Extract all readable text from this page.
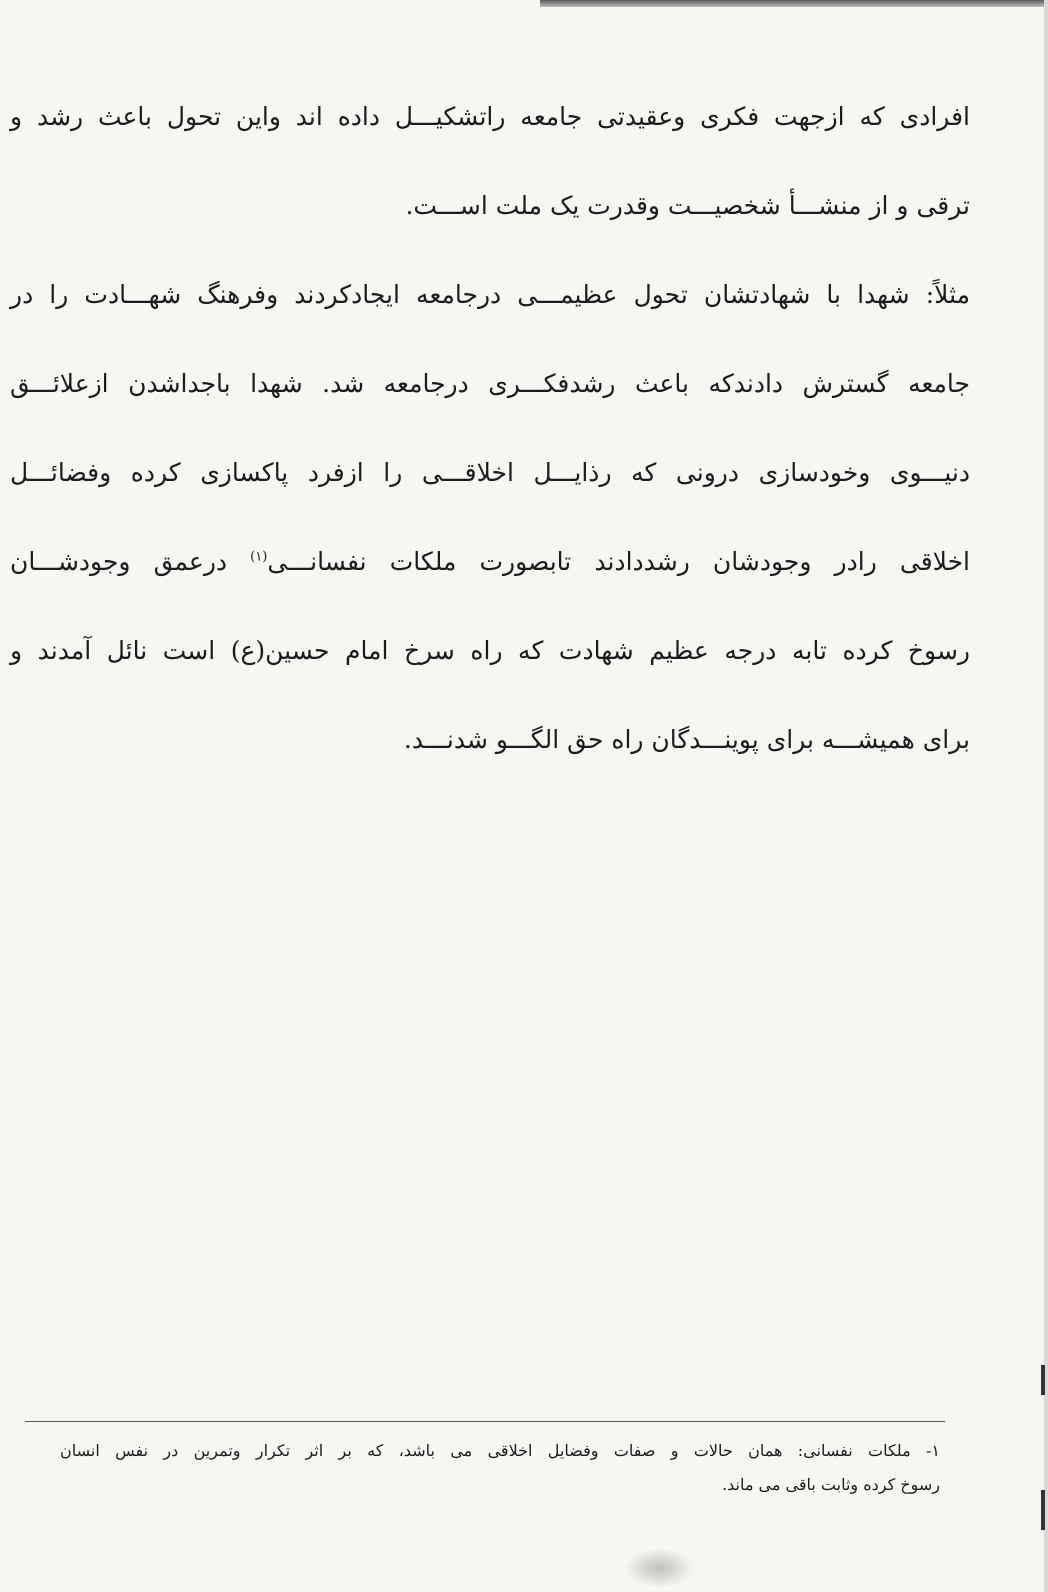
افرادی که ازجهت فکری وعقیدتی جامعه راتشکیـــل داده اند واین تحول باعث رشد و
ترقی و از منشـــأ شخصیـــت وقدرت یک ملت اســـت.
مثلاً: شهدا با شهادتشان تحول عظیمـــی درجامعه ایجادکردند وفرهنگ شهـــادت را در
جامعه گسترش دادندکه باعث رشدفکـــری درجامعه شد. شهدا باجداشدن ازعلائـــق
دنیـــوی وخودسازی درونی که رذایـــل اخلاقـــی را ازفرد پاکسازی کرده وفضائـــل
اخلاقی رادر وجودشان رشددادند تابصورت ملکات نفسانـــی$^{(۱)}$ درعمق وجودشـــان
رسوخ کرده تابه درجه عظیم شهادت که راه سرخ امام حسین(ع) است نائل آمدند و
برای همیشـــه برای پوینـــدگان راه حق الگـــو شدنـــد.
۱- ملکات نفسانی: همان حالات و صفات وفضایل اخلاقی می باشد، که بر اثر تکرار وتمرین در نفس انسان
رسوخ کرده وثابت باقی می ماند.
